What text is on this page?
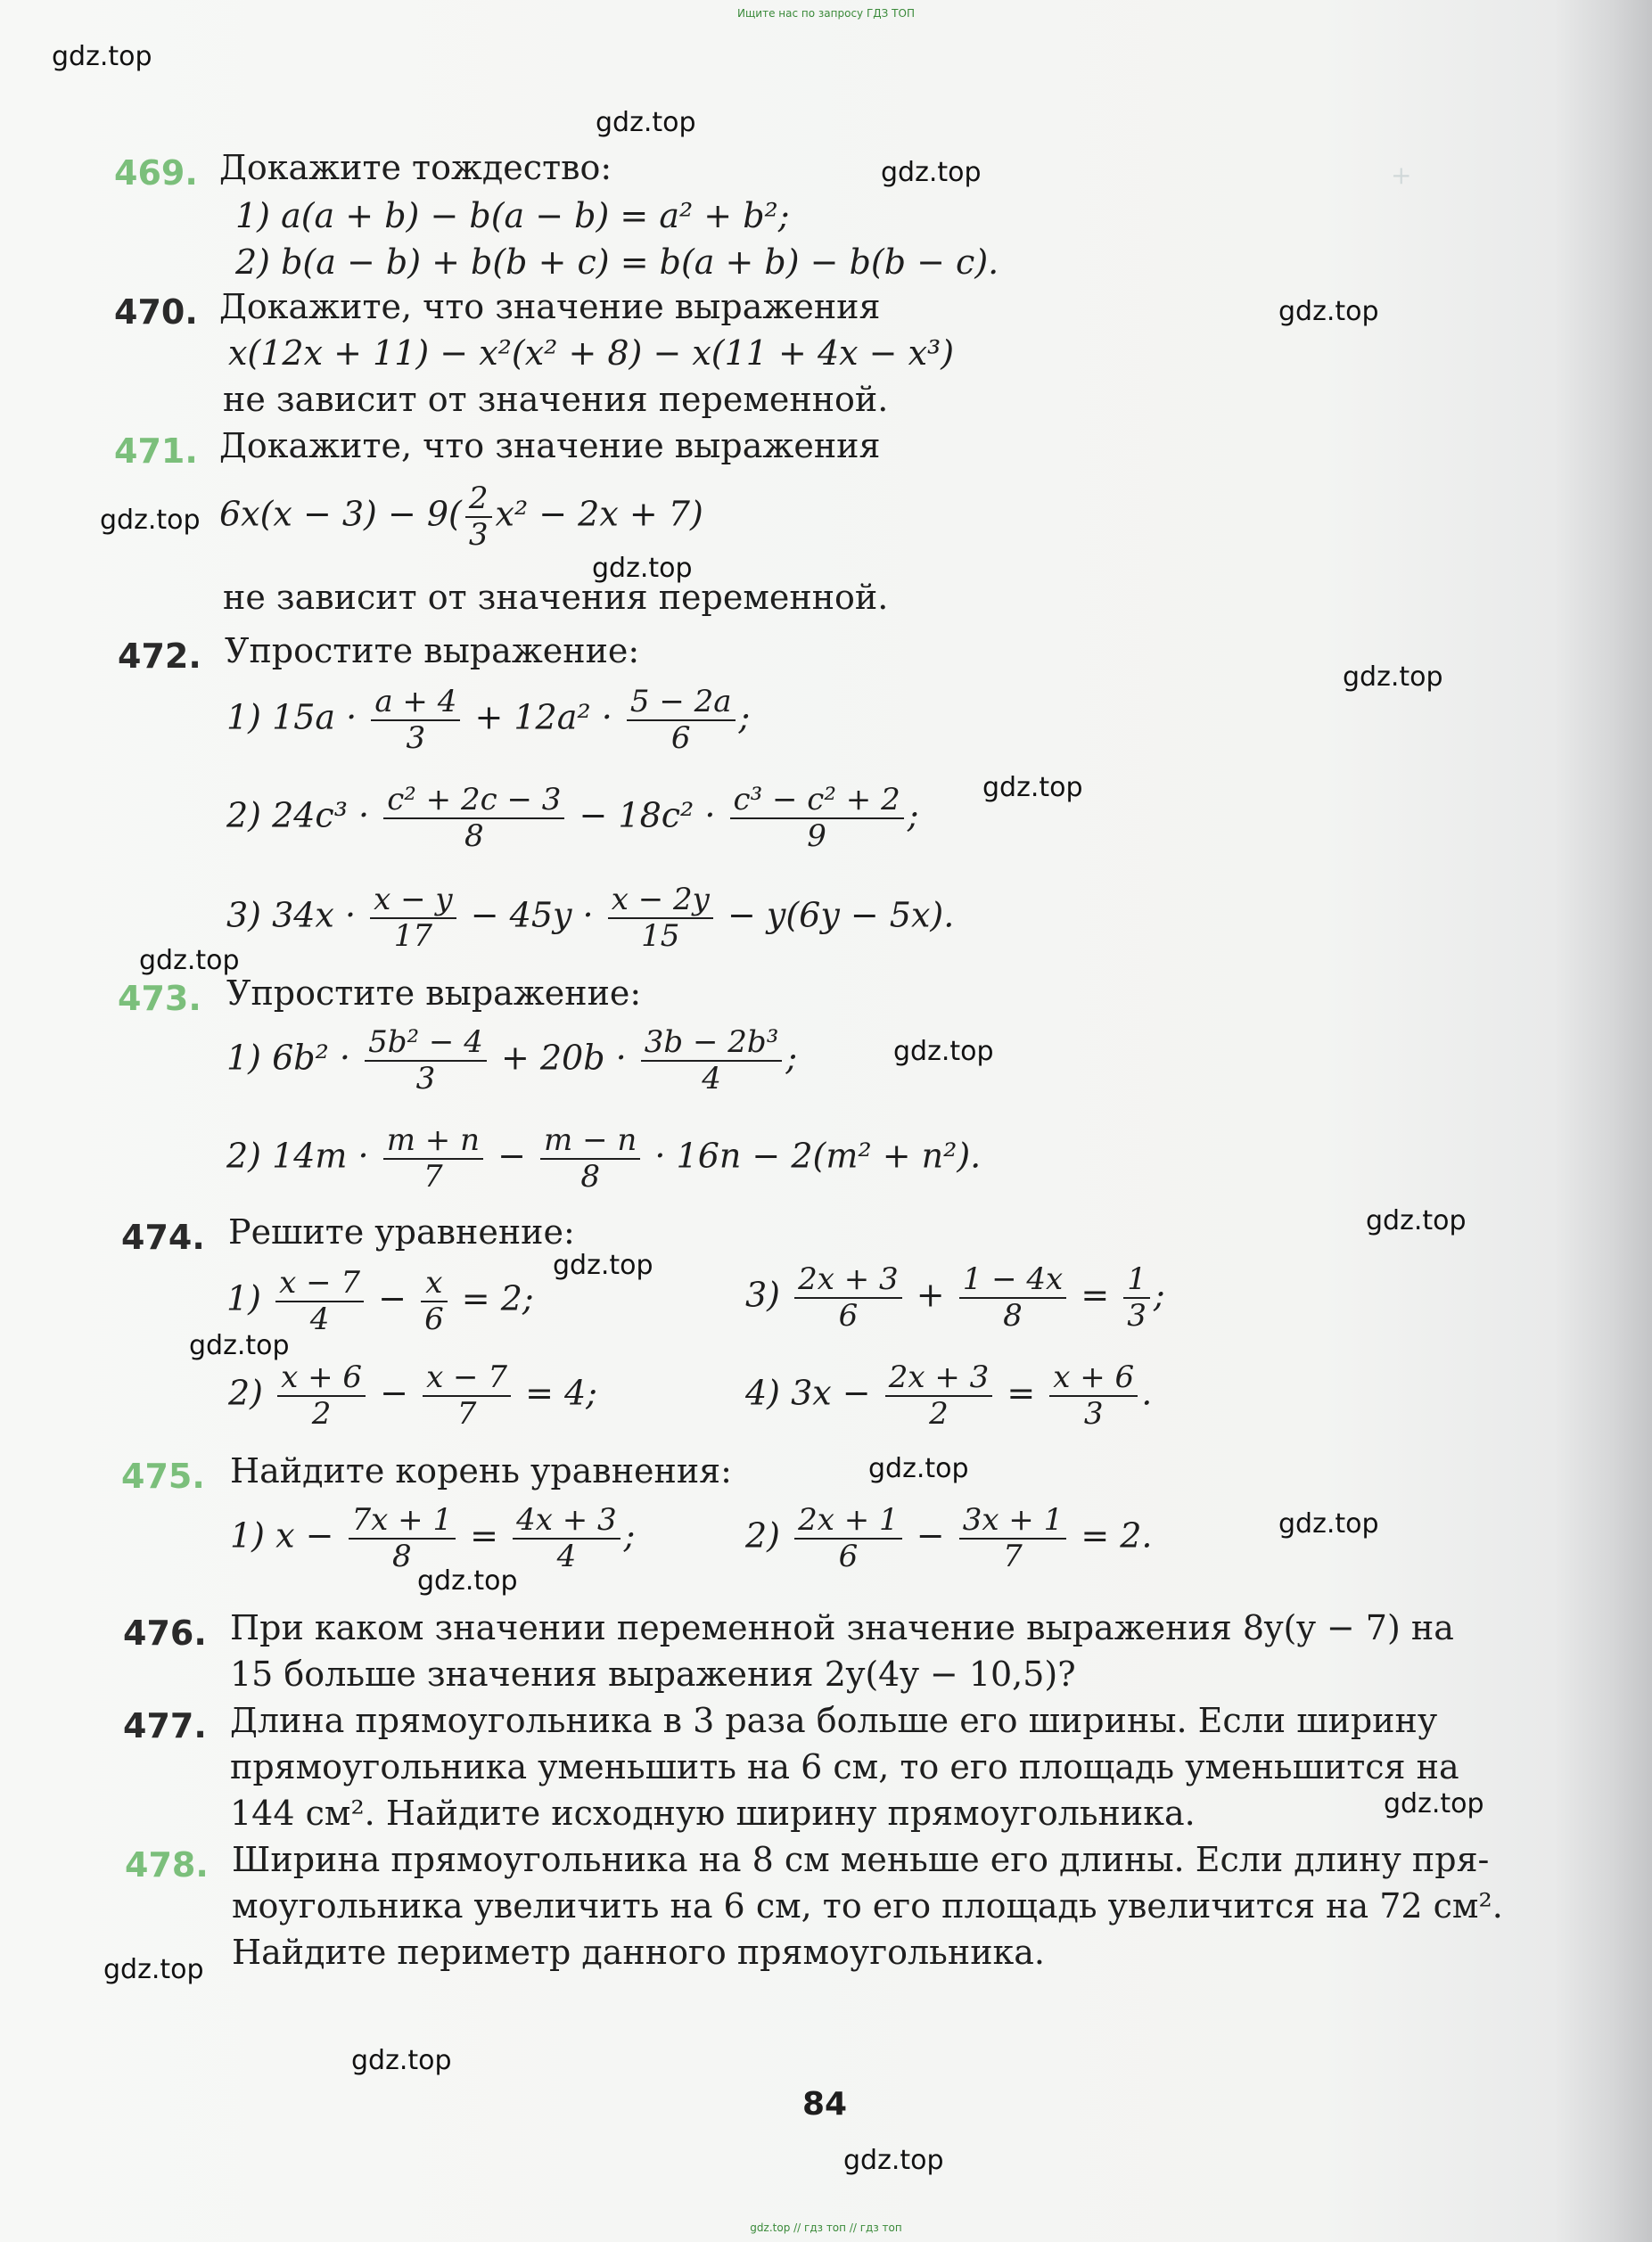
Ищите нас по запросу ГДЗ ТОП
+
gdz.top
gdz.top
gdz.top
gdz.top
gdz.top
gdz.top
gdz.top
gdz.top
gdz.top
gdz.top
gdz.top
gdz.top
gdz.top
gdz.top
gdz.top
gdz.top
gdz.top
gdz.top
gdz.top
gdz.top
469. Докажите тождество:
1) a(a + b) − b(a − b) = a² + b²;
2) b(a − b) + b(b + c) = b(a + b) − b(b − c).
470. Докажите, что значение выражения
x(12x + 11) − x²(x² + 8) − x(11 + 4x − x³)
не зависит от значения переменной.
471. Докажите, что значение выражения
$6x(x - 3) - 9( \frac{2}{3} x^2 - 2x + 7)$
не зависит от значения переменной.
472. Упростите выражение:
1) $15a \cdot \frac{a + 4}{3} + 12a^2 \cdot \frac{5 - 2a}{6}$ ;
2) $24c^3 \cdot \frac{\text{c² + 2c − 3}}{8} - 18c^2 \cdot \frac{\text{c³ − c² + 2}}{9}$ ;
3) $34x \cdot \frac{x - y}{17} - 45y \cdot \frac{x - 2y}{15} - y(6y - 5x)$.
473. Упростите выражение:
1) $6b^2 \cdot \frac{\text{5b² − 4}}{3} + 20b \cdot \frac{\text{3b − 2b³}}{4}$ ;
2) $14m \cdot \frac{m + n}{7} - \frac{m - n}{8} \cdot 16n - 2(m^2 + n^2)$.
474. Решите уравнение:
$1) \frac{x - 7}{4} - \frac{x}{6} = 2$;	$3) \frac{2x + 3}{6} + \frac{1 - 4x}{8} = \frac{1}{3}$ ;
$2) \frac{x + 6}{2} - \frac{x - 7}{7} = 4$;	4) $3x - \frac{2x + 3}{2} = \frac{x + 6}{3}$ .
475. Найдите корень уравнения:
1) $x - \frac{7x + 1}{8} = \frac{4x + 3}{4}$ ;	$2) \frac{2x + 1}{6} - \frac{3x + 1}{7} = 2$.
476. При каком значении переменной значение выражения 8y(y − 7) на
15 больше значения выражения 2y(4y − 10,5)?
477. Длина прямоугольника в 3 раза больше его ширины. Если ширину
прямоугольника уменьшить на 6 см, то его площадь уменьшится на
144 см². Найдите исходную ширину прямоугольника.
478. Ширина прямоугольника на 8 см меньше его длины. Если длину пря-
моугольника увеличить на 6 см, то его площадь увеличится на 72 см².
Найдите периметр данного прямоугольника.
84
gdz.top // гдз топ // гдз топ
